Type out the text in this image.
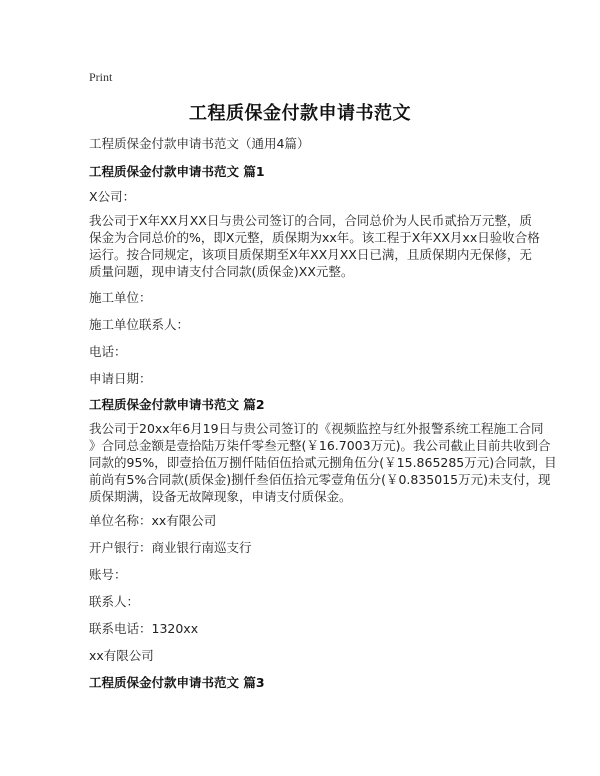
Print
工程质保金付款申请书范文
工程质保金付款申请书范文（通用4篇）
工程质保金付款申请书范文 篇1
X公司：
我公司于X年XX月XX日与贵公司签订的合同，合同总价为人民币贰拾万元整，质
保金为合同总价的%，即X元整，质保期为xx年。该工程于X年XX月xx日验收合格
运行。按合同规定，该项目质保期至X年XX月XX日已满，且质保期内无保修，无
质量问题，现申请支付合同款(质保金)XX元整。
施工单位：
施工单位联系人：
电话：
申请日期：
工程质保金付款申请书范文 篇2
我公司于20xx年6月19日与贵公司签订的《视频监控与红外报警系统工程施工合同
》合同总金额是壹拾陆万柒仟零叁元整(￥16.7003万元)。我公司截止目前共收到合
同款的95%，即壹拾伍万捌仟陆佰伍拾贰元捌角伍分(￥15.865285万元)合同款，目
前尚有5%合同款(质保金)捌仟叁佰伍拾元零壹角伍分(￥0.835015万元)未支付，现
质保期满，设备无故障现象，申请支付质保金。
单位名称：xx有限公司
开户银行：商业银行南巡支行
账号：
联系人：
联系电话：1320xx
xx有限公司
工程质保金付款申请书范文 篇3
